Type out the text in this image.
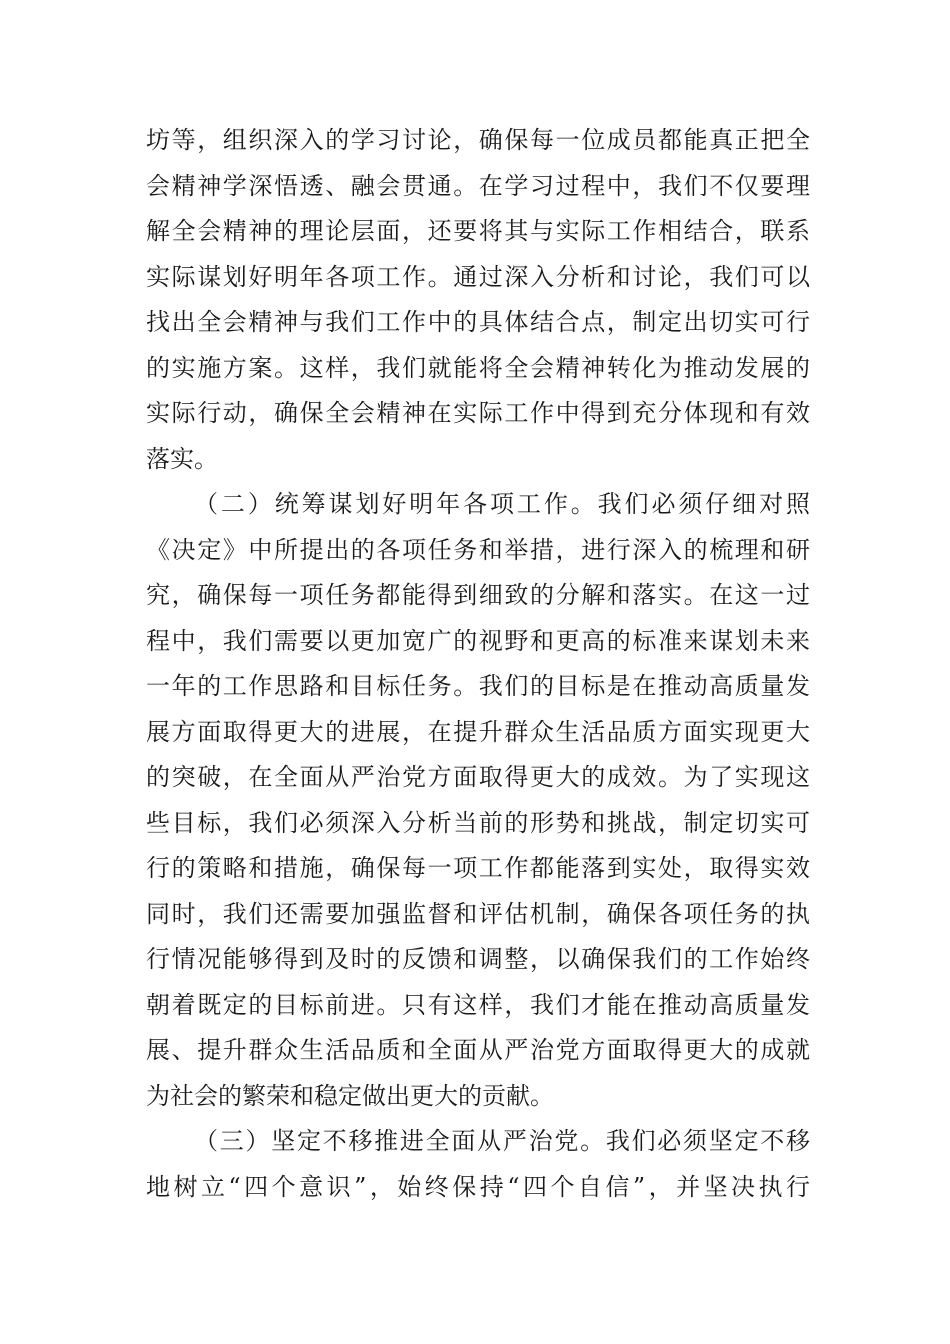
坊等，组织深入的学习讨论，确保每一位成员都能真正把全
会精神学深悟透、融会贯通。在学习过程中，我们不仅要理
解全会精神的理论层面，还要将其与实际工作相结合，联系
实际谋划好明年各项工作。通过深入分析和讨论，我们可以
找出全会精神与我们工作中的具体结合点，制定出切实可行
的实施方案。这样，我们就能将全会精神转化为推动发展的
实际行动，确保全会精神在实际工作中得到充分体现和有效
落实。
（二）统筹谋划好明年各项工作。我们必须仔细对照
《决定》中所提出的各项任务和举措，进行深入的梳理和研
究，确保每一项任务都能得到细致的分解和落实。在这一过
程中，我们需要以更加宽广的视野和更高的标准来谋划未来
一年的工作思路和目标任务。我们的目标是在推动高质量发
展方面取得更大的进展，在提升群众生活品质方面实现更大
的突破，在全面从严治党方面取得更大的成效。为了实现这
些目标，我们必须深入分析当前的形势和挑战，制定切实可
行的策略和措施，确保每一项工作都能落到实处，取得实效
同时，我们还需要加强监督和评估机制，确保各项任务的执
行情况能够得到及时的反馈和调整，以确保我们的工作始终
朝着既定的目标前进。只有这样，我们才能在推动高质量发
展、提升群众生活品质和全面从严治党方面取得更大的成就
为社会的繁荣和稳定做出更大的贡献。
（三）坚定不移推进全面从严治党。我们必须坚定不移
地树立“四个意识”，始终保持“四个自信”，并坚决执行
